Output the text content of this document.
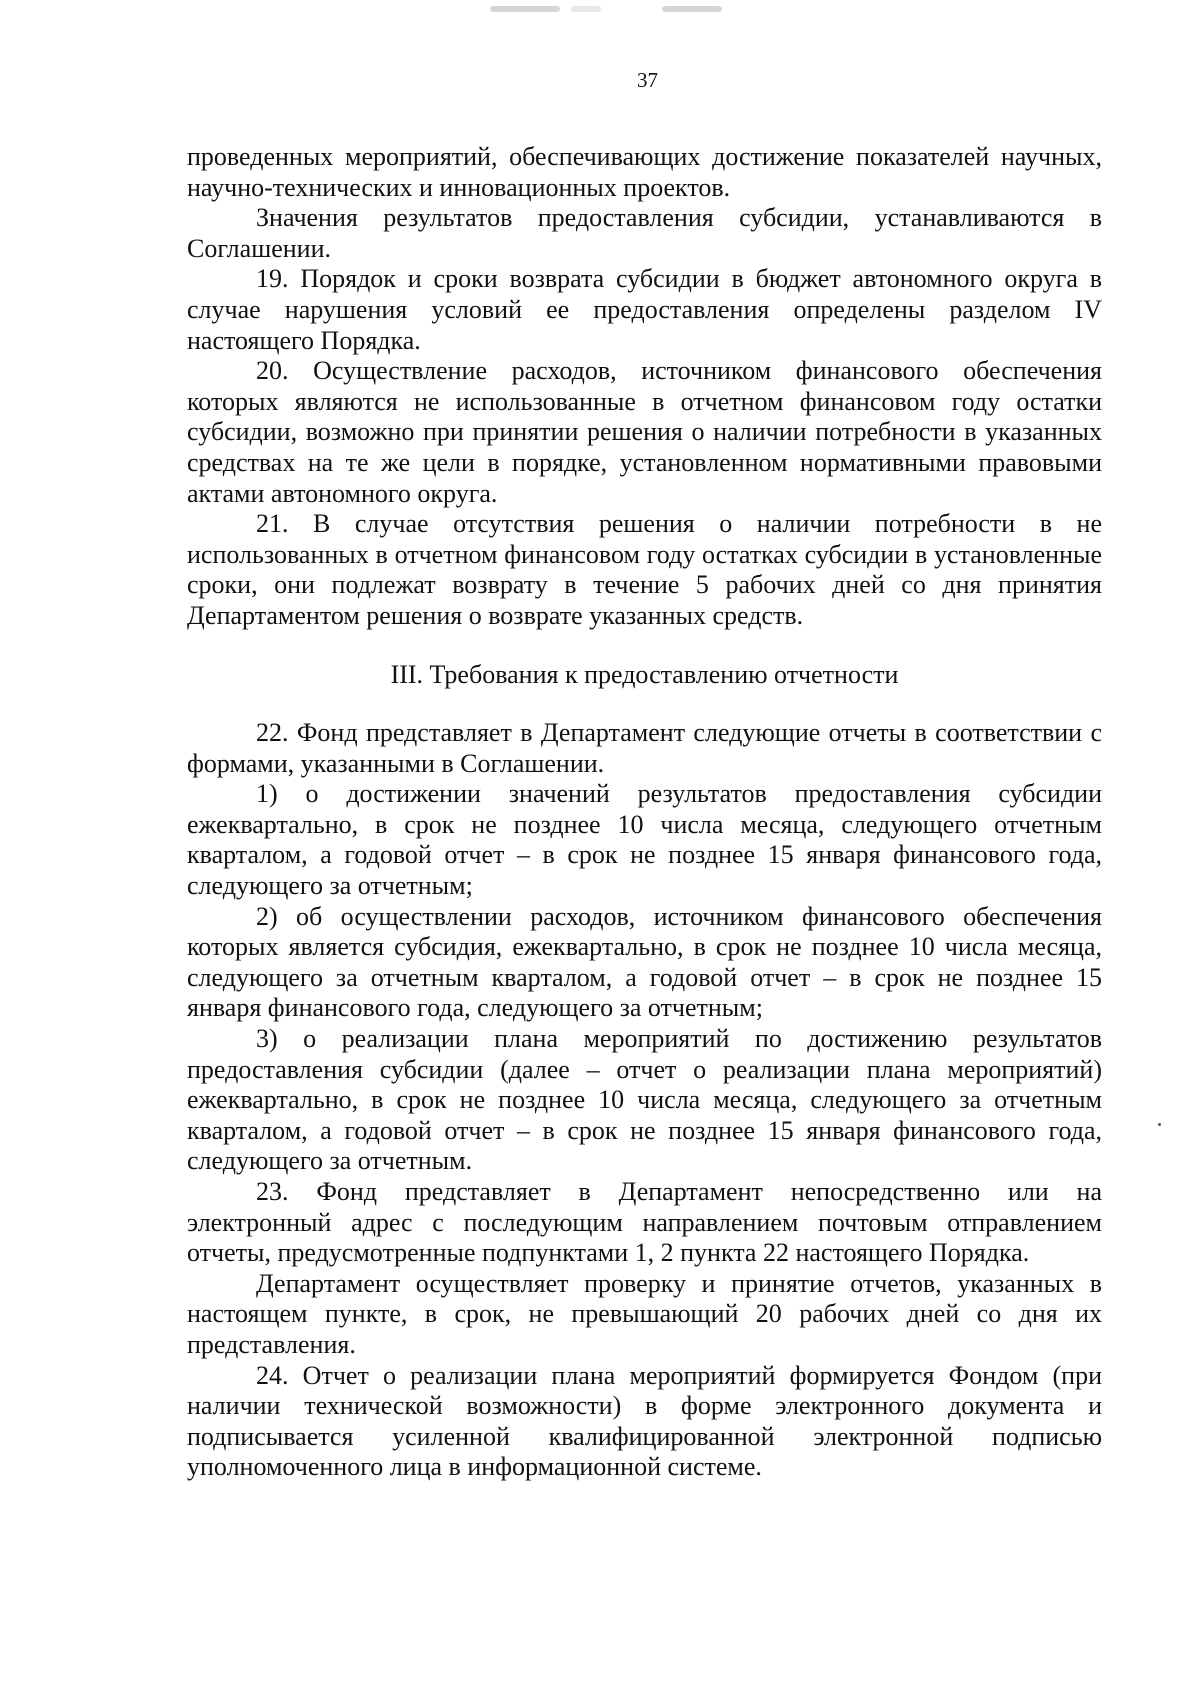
37

проведенных мероприятий, обеспечивающих достижение показателей научных, научно-технических и инновационных проектов.

Значения результатов предоставления субсидии, устанавливаются в Соглашении.

19. Порядок и сроки возврата субсидии в бюджет автономного округа в случае нарушения условий ее предоставления определены разделом IV настоящего Порядка.

20. Осуществление расходов, источником финансового обеспечения которых являются не использованные в отчетном финансовом году остатки субсидии, возможно при принятии решения о наличии потребности в указанных средствах на те же цели в порядке, установленном нормативными правовыми актами автономного округа.

21. В случае отсутствия решения о наличии потребности в не использованных в отчетном финансовом году остатках субсидии в установленные сроки, они подлежат возврату в течение 5 рабочих дней со дня принятия Департаментом решения о возврате указанных средств.

III. Требования к предоставлению отчетности

22. Фонд представляет в Департамент следующие отчеты в соответствии с формами, указанными в Соглашении.

1) о достижении значений результатов предоставления субсидии ежеквартально, в срок не позднее 10 числа месяца, следующего отчетным кварталом, а годовой отчет – в срок не позднее 15 января финансового года, следующего за отчетным;

2) об осуществлении расходов, источником финансового обеспечения которых является субсидия, ежеквартально, в срок не позднее 10 числа месяца, следующего за отчетным кварталом, а годовой отчет – в срок не позднее 15 января финансового года, следующего за отчетным;

3) о реализации плана мероприятий по достижению результатов предоставления субсидии (далее – отчет о реализации плана мероприятий) ежеквартально, в срок не позднее 10 числа месяца, следующего за отчетным кварталом, а годовой отчет – в срок не позднее 15 января финансового года, следующего за отчетным.

23. Фонд представляет в Департамент непосредственно или на электронный адрес с последующим направлением почтовым отправлением отчеты, предусмотренные подпунктами 1, 2 пункта 22 настоящего Порядка.

Департамент осуществляет проверку и принятие отчетов, указанных в настоящем пункте, в срок, не превышающий 20 рабочих дней со дня их представления.

24. Отчет о реализации плана мероприятий формируется Фондом (при наличии технической возможности) в форме электронного документа и подписывается усиленной квалифицированной электронной подписью уполномоченного лица в информационной системе.
